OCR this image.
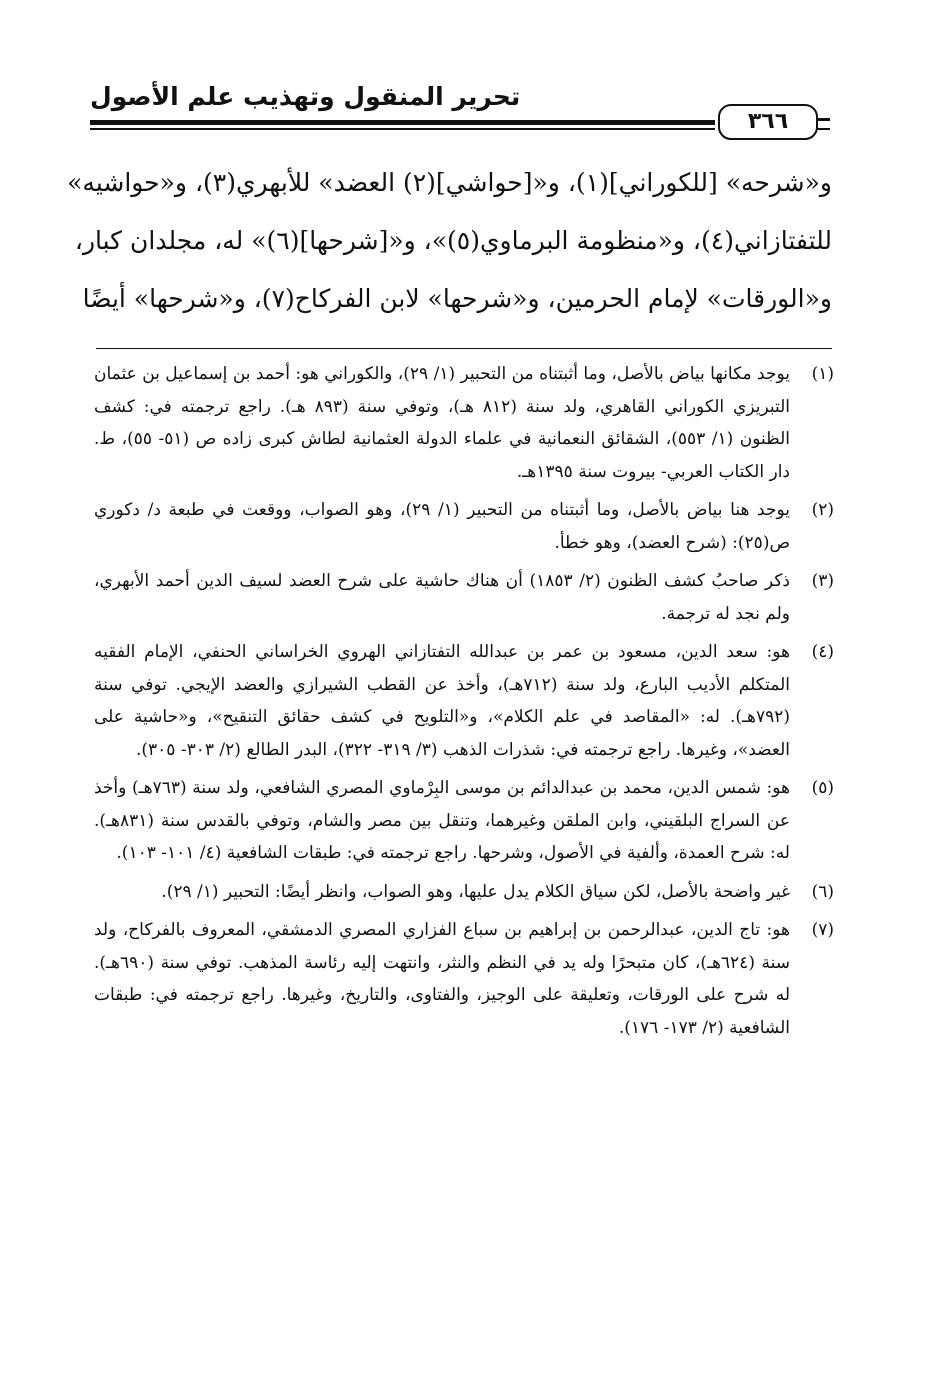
تحرير المنقول وتهذيب علم الأصول
٣٦٦
و«شرحه» [للكوراني](١)، و«[حواشي](٢) العضد» للأبهري(٣)، و«حواشيه»
للتفتازاني(٤)، و«منظومة البرماوي(٥)»، و«[شرحها](٦)» له، مجلدان كبار،
و«الورقات» لإمام الحرمين، و«شرحها» لابن الفركاح(٧)، و«شرحها» أيضًا
(١)
يوجد مكانها بياض بالأصل، وما أثبتناه من التحبير (١/ ٢٩)، والكوراني هو: أحمد بن إسماعيل بن عثمان التبريزي الكوراني القاهري، ولد سنة (٨١٢ هـ)، وتوفي سنة (٨٩٣ هـ). راجع ترجمته في: كشف الظنون (١/ ٥٥٣)، الشقائق النعمانية في علماء الدولة العثمانية لطاش كبرى زاده ص (٥١- ٥٥)، ط. دار الكتاب العربي- بيروت سنة ١٣٩٥هـ.
(٢)
يوجد هنا بياض بالأصل، وما أثبتناه من التحبير (١/ ٢٩)، وهو الصواب، ووقعت في طبعة د/ دكوري ص(٢٥): (شرح العضد)، وهو خطأ.
(٣)
ذكر صاحبُ كشف الظنون (٢/ ١٨٥٣) أن هناك حاشية على شرح العضد لسيف الدين أحمد الأبهري، ولم نجد له ترجمة.
(٤)
هو: سعد الدين، مسعود بن عمر بن عبدالله التفتازاني الهروي الخراساني الحنفي، الإمام الفقيه المتكلم الأديب البارع، ولد سنة (٧١٢هـ)، وأخذ عن القطب الشيرازي والعضد الإيجي. توفي سنة (٧٩٢هـ). له: «المقاصد في علم الكلام»، و«التلويح في كشف حقائق التنقيح»، و«حاشية على العضد»، وغيرها. راجع ترجمته في: شذرات الذهب (٣/ ٣١٩- ٣٢٢)، البدر الطالع (٢/ ٣٠٣- ٣٠٥).
(٥)
هو: شمس الدين، محمد بن عبدالدائم بن موسى البِرْماوي المصري الشافعي، ولد سنة (٧٦٣هـ) وأخذ عن السراج البلقيني، وابن الملقن وغيرهما، وتنقل بين مصر والشام، وتوفي بالقدس سنة (٨٣١هـ). له: شرح العمدة، وألفية في الأصول، وشرحها. راجع ترجمته في: طبقات الشافعية (٤/ ١٠١- ١٠٣).
(٦)
غير واضحة بالأصل، لكن سياق الكلام يدل عليها، وهو الصواب، وانظر أيضًا: التحبير (١/ ٢٩).
(٧)
هو: تاج الدين، عبدالرحمن بن إبراهيم بن سباع الفزاري المصري الدمشقي، المعروف بالفركاح، ولد سنة (٦٢٤هـ)، كان متبحرًا وله يد في النظم والنثر، وانتهت إليه رئاسة المذهب. توفي سنة (٦٩٠هـ). له شرح على الورقات، وتعليقة على الوجيز، والفتاوى، والتاريخ، وغيرها. راجع ترجمته في: طبقات الشافعية (٢/ ١٧٣- ١٧٦).
